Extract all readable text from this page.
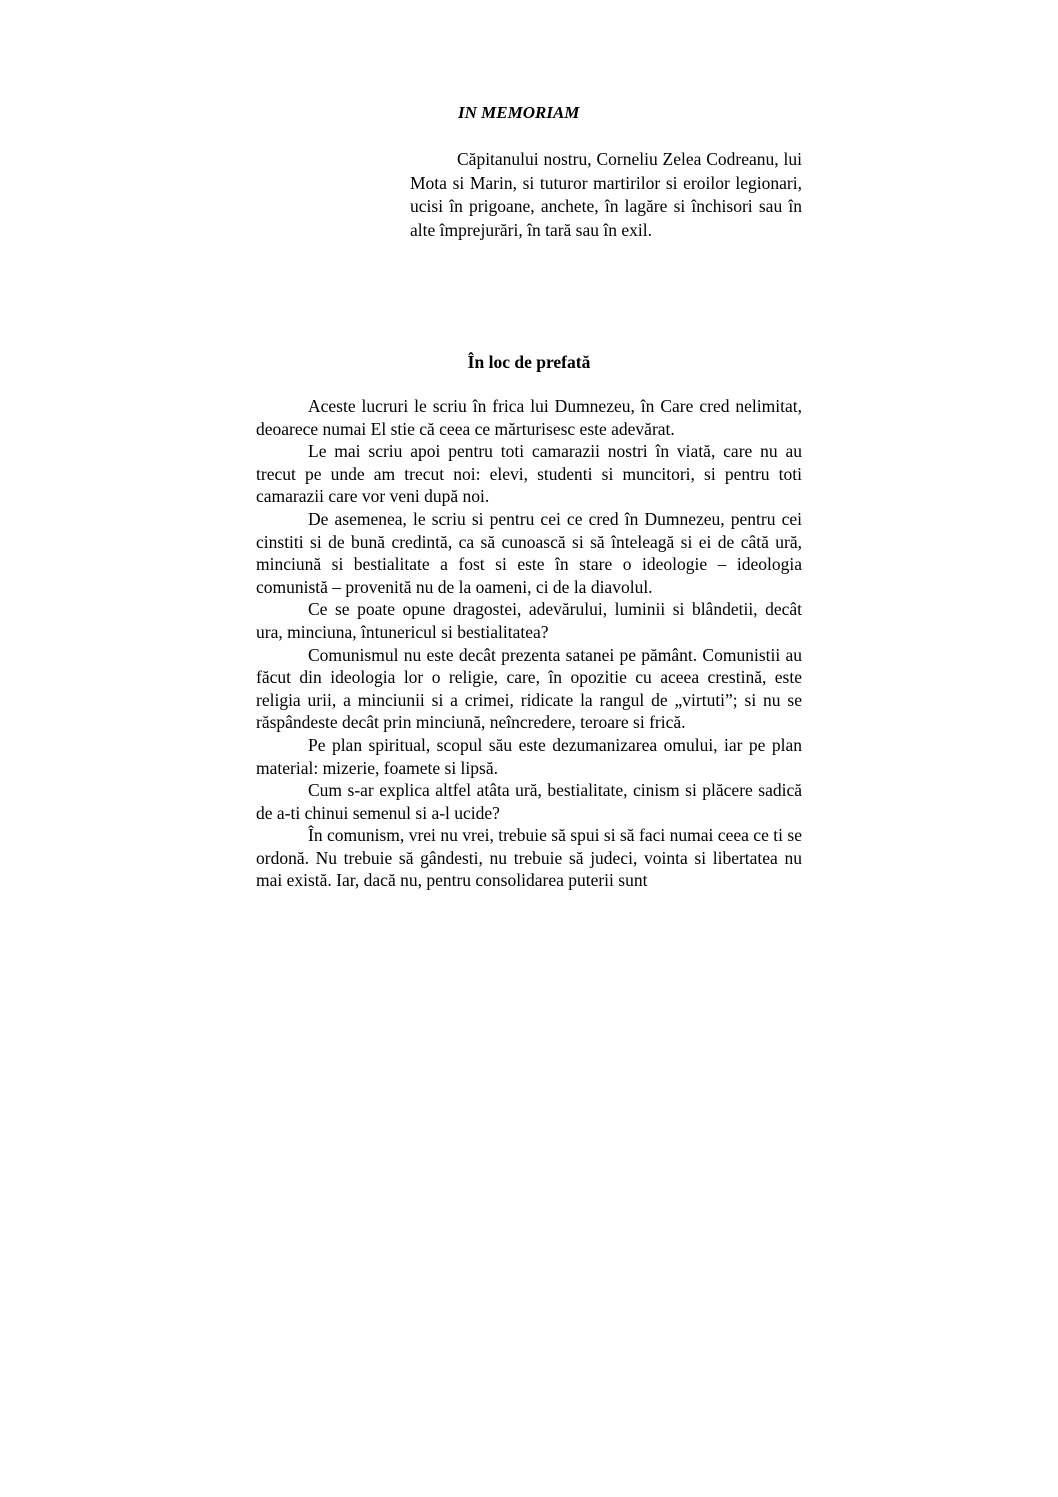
IN MEMORIAM

Căpitanului nostru, Corneliu Zelea Codreanu, lui Mota si Marin, si tuturor martirilor si eroilor legionari, ucisi în prigoane, anchete, în lagăre si închisori sau în alte împrejurări, în tară sau în exil.

În loc de prefată

Aceste lucruri le scriu în frica lui Dumnezeu, în Care cred nelimitat, deoarece numai El stie că ceea ce mărturisesc este adevărat.

Le mai scriu apoi pentru toti camarazii nostri în viată, care nu au trecut pe unde am trecut noi: elevi, studenti si muncitori, si pentru toti camarazii care vor veni după noi.

De asemenea, le scriu si pentru cei ce cred în Dumnezeu, pentru cei cinstiti si de bună credintă, ca să cunoască si să înteleagă si ei de câtă ură, minciună si bestialitate a fost si este în stare o ideologie – ideologia comunistă – provenită nu de la oameni, ci de la diavolul.

Ce se poate opune dragostei, adevărului, luminii si blândetii, decât ura, minciuna, întunericul si bestialitatea?

Comunismul nu este decât prezenta satanei pe pământ. Comunistii au făcut din ideologia lor o religie, care, în opozitie cu aceea crestină, este religia urii, a minciunii si a crimei, ridicate la rangul de „virtuti”; si nu se răspândeste decât prin minciună, neîncredere, teroare si frică.

Pe plan spiritual, scopul său este dezumanizarea omului, iar pe plan material: mizerie, foamete si lipsă.

Cum s-ar explica altfel atâta ură, bestialitate, cinism si plăcere sadică de a-ti chinui semenul si a-l ucide?

În comunism, vrei nu vrei, trebuie să spui si să faci numai ceea ce ti se ordonă. Nu trebuie să gândesti, nu trebuie să judeci, vointa si libertatea nu mai există. Iar, dacă nu, pentru consolidarea puterii sunt
